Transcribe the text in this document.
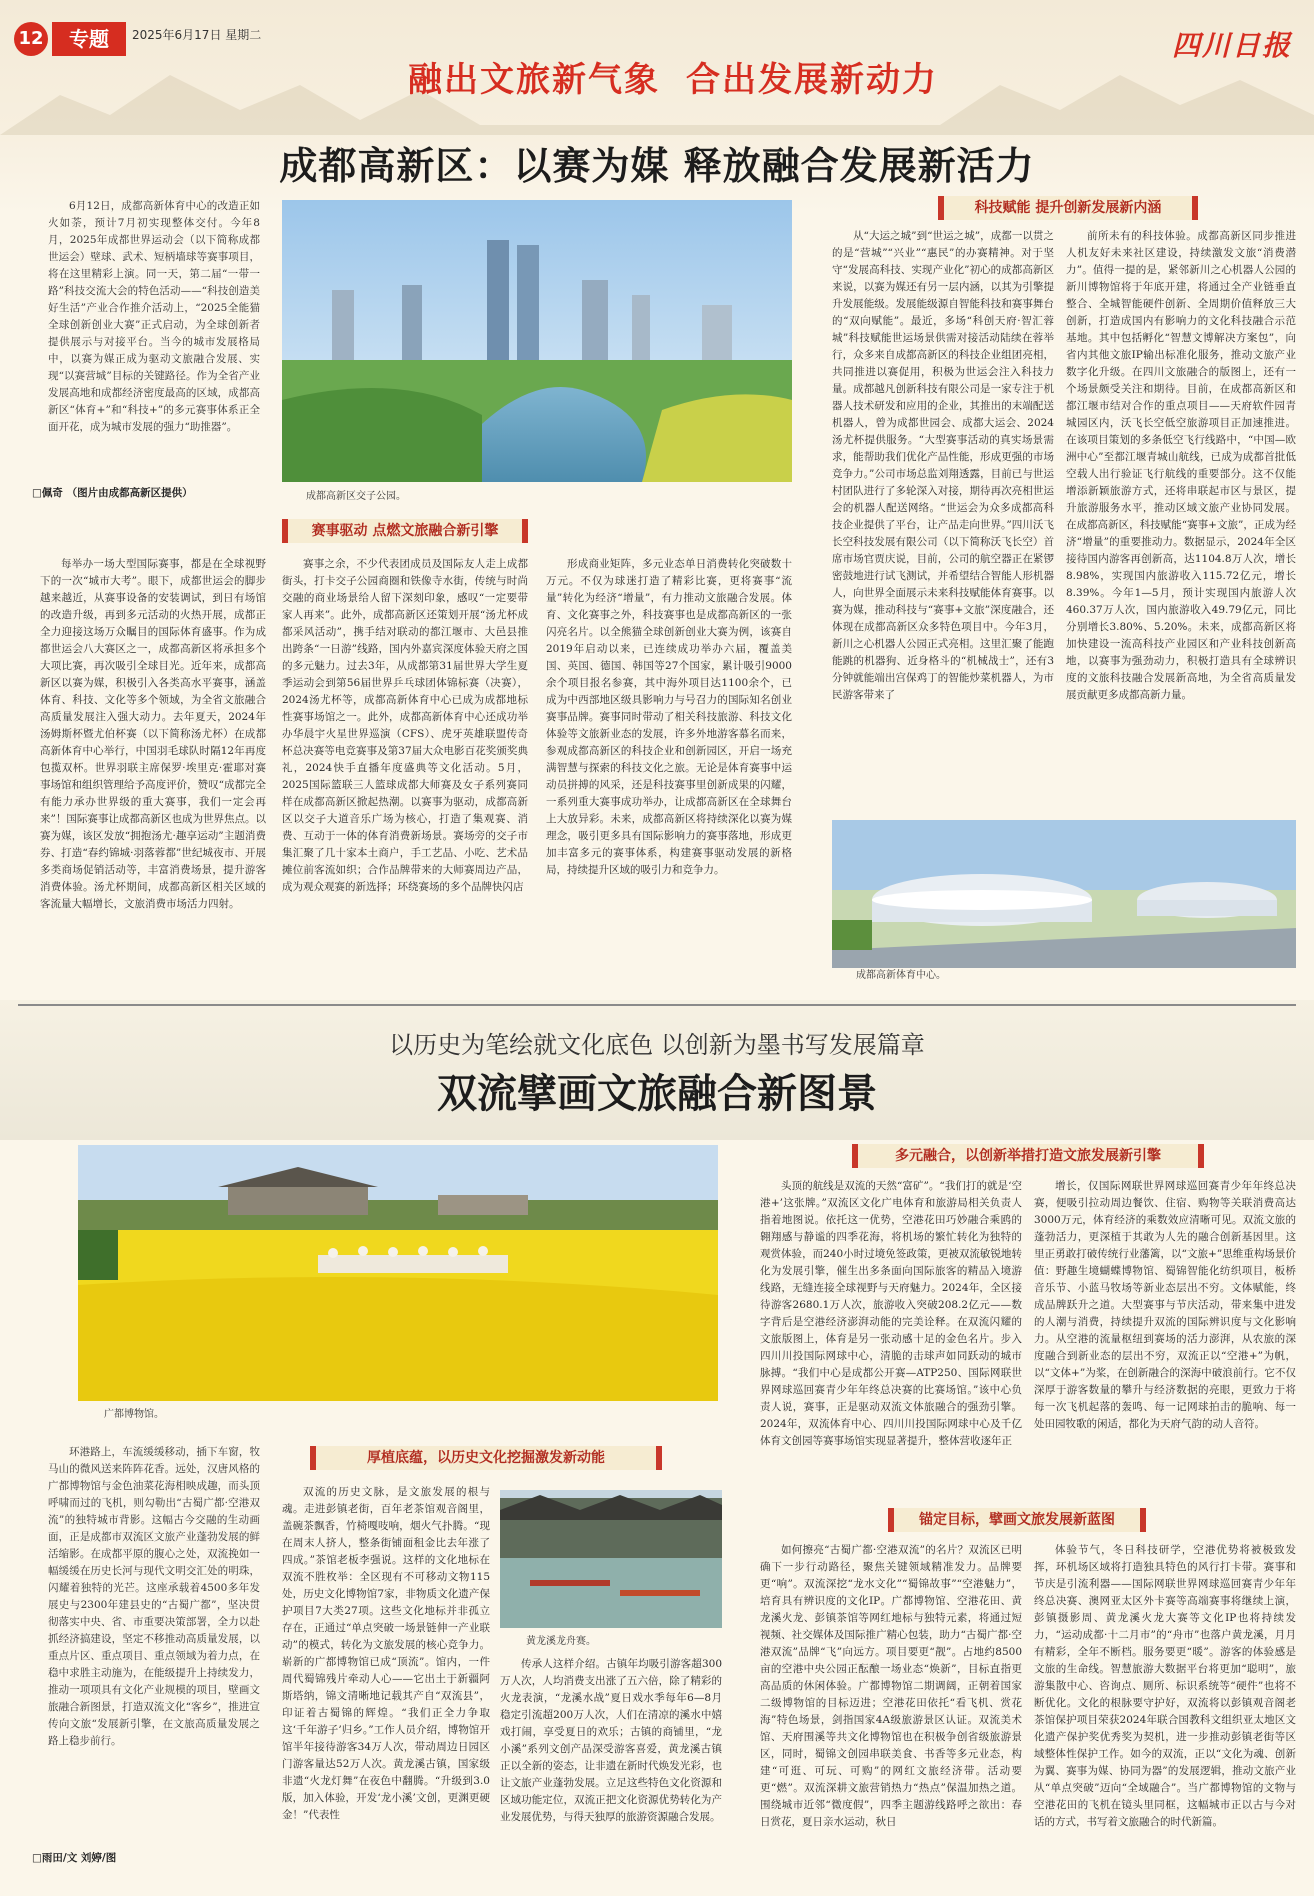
12	专题	2025年6月17日 星期二	四川日报
融出文旅新气象 合出发展新动力
成都高新区：以赛为媒 释放融合发展新活力
6月12日，成都高新体育中心的改造正如火如荼，预计7月初实现整体交付。今年8月，2025年成都世界运动会（以下简称成都世运会）壁球、武术、短柄墙球等赛事项目，将在这里精彩上演。同一天，第二届“一带一路”科技交流大会的特色活动——“科技创造美好生活”产业合作推介活动上，“2025全能猫全球创新创业大赛”正式启动，为全球创新者提供展示与对接平台。当今的城市发展格局中，以赛为媒正成为驱动文旅融合发展、实现“以赛营城”目标的关键路径。作为全省产业发展高地和成都经济密度最高的区域，成都高新区“体育+”和“科技+”的多元赛事体系正全面开花，成为城市发展的强力“助推器”。
□佩奇 （图片由成都高新区提供）	成都高新区交子公园。
赛事驱动 点燃文旅融合新引擎
每举办一场大型国际赛事，都是在全球视野下的一次“城市大考”。眼下，成都世运会的脚步越来越近，从赛事设备的安装调试，到日有场馆的改造升级，再到多元活动的火热开展，成都正全力迎接这场万众瞩目的国际体育盛事。作为成都世运会八大赛区之一，成都高新区将承担多个大项比赛，再次吸引全球目光。近年来，成都高新区以赛为媒，积极引入各类高水平赛事，涵盖体育、科技、文化等多个领域，为全省文旅融合高质量发展注入强大动力。去年夏天，2024年汤姆斯杯暨尤伯杯赛（以下简称汤尤杯）在成都高新体育中心举行，中国羽毛球队时隔12年再度包揽双杯。世界羽联主席保罗·埃里克·霍耶对赛事场馆和组织管理给予高度评价，赞叹“成都完全有能力承办世界级的重大赛事，我们一定会再来”！国际赛事让成都高新区也成为世界焦点。以赛为媒，该区发放“拥抱汤尤·趣享运动”主题消费券、打造“春约锦城·羽落蓉都”世纪城夜市、开展多类商场促销活动等，丰富消费场景，提升游客消费体验。汤尤杯期间，成都高新区相关区域的客流量大幅增长，文旅消费市场活力四射。
赛事之余，不少代表团成员及国际友人走上成都街头，打卡交子公园商圈和铁像寺水街，传统与时尚交融的商业场景给人留下深刻印象，感叹“一定要带家人再来”。此外，成都高新区还策划开展“汤尤杯成都采风活动”，携手结对联动的都江堰市、大邑县推出跨条“一日游”线路，国内外嘉宾深度体验天府之国的多元魅力。过去3年，从成都第31届世界大学生夏季运动会到第56届世界乒乓球团体锦标赛（决赛），2024汤尤杯等，成都高新体育中心已成为成都地标性赛事场馆之一。此外，成都高新体育中心还成功举办华晨宇火星世界巡演（CFS）、虎牙英雄联盟传奇杯总决赛等电竞赛事及第37届大众电影百花奖颁奖典礼，2024快手直播年度盛典等文化活动。5月，2025国际篮联三人篮球成都大师赛及女子系列赛同样在成都高新区掀起热潮。以赛事为驱动，成都高新区以交子大道音乐广场为核心，打造了集观赛、消费、互动于一体的体育消费新场景。赛场旁的交子市集汇聚了几十家本土商户，手工艺品、小吃、艺术品摊位前客流如织；合作品牌带来的大师赛周边产品，成为观众观赛的新选择；环绕赛场的多个品牌快闪店
形成商业矩阵，多元业态单日消费转化突破数十万元。不仅为球迷打造了精彩比赛，更将赛事“流量”转化为经济“增量”，有力推动文旅融合发展。体育、文化赛事之外，科技赛事也是成都高新区的一张闪亮名片。以全熊猫全球创新创业大赛为例，该赛自2019年启动以来，已连续成功举办六届，覆盖美国、英国、德国、韩国等27个国家，累计吸引9000余个项目报名参赛，其中海外项目达1100余个，已成为中西部地区级具影响力与号召力的国际知名创业赛事品牌。赛事同时带动了相关科技旅游、科技文化体验等文旅新业态的发展，许多外地游客慕名而来，参观成都高新区的科技企业和创新园区，开启一场充满智慧与探索的科技文化之旅。无论是体育赛事中运动员拼搏的风采，还是科技赛事里创新成果的闪耀，一系列重大赛事成功举办，让成都高新区在全球舞台上大放异彩。未来，成都高新区将持续深化以赛为媒理念，吸引更多具有国际影响力的赛事落地，形成更加丰富多元的赛事体系，构建赛事驱动发展的新格局，持续提升区域的吸引力和竞争力。
科技赋能 提升创新发展新内涵
从“大运之城”到“世运之城”，成都一以贯之的是“营城”“兴业”“惠民”的办赛精神。对于坚守“发展高科技、实现产业化”初心的成都高新区来说，以赛为媒还有另一层内涵，以其为引擎提升发展能级。发展能级源自智能科技和赛事舞台的“双向赋能”。最近，多场“科创天府·智汇蓉城”科技赋能世运场景供需对接活动陆续在蓉举行，众多来自成都高新区的科技企业组团亮相，共同推进以赛促用，积极为世运会注入科技力量。成都越凡创新科技有限公司是一家专注于机器人技术研发和应用的企业，其推出的末端配送机器人，曾为成都世园会、成都大运会、2024汤尤杯提供服务。“大型赛事活动的真实场景需求，能帮助我们优化产品性能，形成更强的市场竞争力。”公司市场总监刘翔透露，目前已与世运村团队进行了多轮深入对接，期待再次亮相世运会的机器人配送网络。“世运会为众多成都高科技企业提供了平台，让产品走向世界。”四川沃飞长空科技发展有限公司（以下简称沃飞长空）首席市场官贾庆说，目前，公司的航空器正在紧锣密鼓地进行试飞测试，并希望结合智能人形机器人，向世界全面展示未来科技赋能体育赛事。以赛为媒，推动科技与“赛事+文旅”深度融合，还体现在成都高新区众多特色项目中。今年3月，新川之心机器人公园正式亮相。这里汇聚了能跑能跳的机器狗、近身格斗的“机械战士”，还有3分钟就能端出宫保鸡丁的智能炒菜机器人，为市民游客带来了
前所未有的科技体验。成都高新区同步推进人机友好未来社区建设，持续激发文旅“消费潜力”。值得一提的是，紧邻新川之心机器人公园的新川博物馆将于年底开建，将通过全产业链垂直整合、全城智能硬件创新、全周期价值释放三大创新，打造成国内有影响力的文化科技融合示范基地。其中包括孵化“智慧文博解决方案包”，向省内其他文旅IP输出标准化服务，推动文旅产业数字化升级。在四川文旅融合的版图上，还有一个场景颇受关注和期待。目前，在成都高新区和都江堰市结对合作的重点项目——天府软件园青城园区内，沃飞长空低空旅游项目正加速推进。在该项目策划的多条低空飞行线路中，“中国—欧洲中心”至都江堰青城山航线，已成为成都首批低空载人出行验证飞行航线的重要部分。这不仅能增添新颖旅游方式，还将串联起市区与景区，提升旅游服务水平，推动区域文旅产业协同发展。在成都高新区，科技赋能“赛事+文旅”，正成为经济“增量”的重要推动力。数据显示，2024年全区接待国内游客再创新高，达1104.8万人次，增长8.98%，实现国内旅游收入115.72亿元，增长8.39%。今年1—5月，预计实现国内旅游人次460.37万人次，国内旅游收入49.79亿元，同比分别增长3.80%、5.20%。未来，成都高新区将加快建设一流高科技产业园区和产业科技创新高地，以赛事为强劲动力，积极打造具有全球辨识度的文旅科技融合发展新高地，为全省高质量发展贡献更多成都高新力量。
成都高新体育中心。
以历史为笔绘就文化底色 以创新为墨书写发展篇章
双流擘画文旅融合新图景
广都博物馆。
环港路上，车流缓缓移动，插下车窗，牧马山的微风送来阵阵花香。远处，汉唐风格的广都博物馆与金色油菜花海相映成趣，而头顶呼啸而过的飞机，则勾勒出“古蜀广都·空港双流”的独特城市背影。这幅古今交融的生动画面，正是成都市双流区文旅产业蓬勃发展的鲜活缩影。在成都平原的腹心之处，双流挽如一幅缓缓在历史长河与现代文明交汇处的明珠，闪耀着独特的光芒。这座承载着4500多年发展史与2300年建县史的“古蜀广都”，坚决贯彻落实中央、省、市重要决策部署，全力以赴抓经济搞建设，坚定不移推动高质量发展，以重点片区、重点项目、重点领域为着力点，在稳中求胜主动施为，在能级提升上持续发力，推动一项项具有文化产业规模的项目，壁画文旅融合新图景，打造双流文化“客乡”，推进宣传向文旅“发展新引擎，在文旅高质量发展之路上稳步前行。
□雨田/文 刘婷/图
厚植底蕴，以历史文化挖掘激发新动能
双流的历史文脉，是文旅发展的根与魂。走进彭镇老街，百年老茶馆观音阁里，盖碗茶飘香，竹椅嘎吱响，烟火气扑腾。“现在周末人挤人，整条街铺面租金比去年涨了四成。”茶馆老板李强说。这样的文化地标在双流不胜枚举：全区现有不可移动文物115处，历史文化博物馆7家，非物质文化遗产保护项目7大类27项。这些文化地标并非孤立存在，正通过“单点突破一场景链伸一产业联动”的模式，转化为文旅发展的核心竞争力。崭新的广都博物馆已成“顶流”。馆内，一件周代蜀锦残片牵动人心——它出土于新疆阿斯塔纳，锦文清晰地记载其产自“双流县”，印证着古蜀锦的辉煌。“我们正全力争取这‘千年游子’归乡。”工作人员介绍，博物馆开馆半年接待游客34万人次，带动周边日园区门游客量达52万人次。黄龙溪古镇，国家级非遗“火龙灯舞”在夜色中翻腾。“升级到3.0版，加入体验，开发‘龙小溪’文创，更渊更硬金！”代表性
黄龙溪龙舟赛。
传承人这样介绍。古镇年均吸引游客超300万人次，人均消费支出涨了五六倍，除了精彩的火龙表演，“龙溪水战”夏日戏水季每年6—8月稳定引流超200万人次，人们在清凉的溪水中嬉戏打闹，享受夏日的欢乐；古镇的商铺里，“龙小溪”系列文创产品深受游客喜爱，黄龙溪古镇正以全新的姿态，让非遗在新时代焕发光彩，也让文旅产业蓬勃发展。立足这些特色文化资源和区域功能定位，双流正把文化资源优势转化为产业发展优势，与得天独厚的旅游资源融合发展。
多元融合，以创新举措打造文旅发展新引擎
头顶的航线是双流的天然“富矿”。“我们打的就是‘空港+’这张牌。”双流区文化广电体育和旅游局相关负责人指着地图说。依托这一优势，空港花田巧妙融合乘鸥的翱翔感与静谧的四季花海，将机场的繁忙转化为独特的观赏体验，而240小时过境免签政策，更被双流敏锐地转化为发展引擎，催生出多条面向国际旅客的精品入境游线路，无缝连接全球视野与天府魅力。2024年，全区接待游客2680.1万人次，旅游收入突破208.2亿元——数字背后是空港经济澎湃动能的完美诠释。在双流闪耀的文旅版图上，体育是另一张动感十足的金色名片。步入四川川投国际网球中心，清脆的击球声如同跃动的城市脉搏。“我们中心是成都公开赛—ATP250、国际网联世界网球巡回赛青少年年终总决赛的比赛场馆。”该中心负责人说，赛事，正是驱动双流文体旅融合的强劲引擎。2024年，双流体育中心、四川川投国际网球中心及千亿体育文创园等赛事场馆实现显著提升，整体营收逐年正
增长，仅国际网联世界网球巡回赛青少年年终总决赛，便吸引拉动周边餐饮、住宿、购物等关联消费高达3000万元，体育经济的乘数效应清晰可见。双流文旅的蓬勃活力，更深植于其敢为人先的融合创新基因里。这里正勇敢打破传统行业藩篱，以“文旅+”思维重构场景价值：野趣生境蝴蝶博物馆、蜀锦智能化纺织项目，板桥音乐节、小蓝马牧场等新业态层出不穷。文体赋能，终成品牌跃升之道。大型赛事与节庆活动，带来集中进发的人潮与消费，持续提升双流的国际辨识度与文化影响力。从空港的流量枢纽到赛场的活力澎湃，从农旅的深度融合到新业态的层出不穷，双流正以“空港+”为帆，以“文体+”为桨，在创新融合的深海中破浪前行。它不仅深厚于游客数量的攀升与经济数据的亮眼，更致力于将每一次飞机起落的轰鸣、每一记网球拍击的脆响、每一处田园牧歌的闲适，都化为天府气韵的动人音符。
锚定目标，擘画文旅发展新蓝图
如何擦亮“古蜀广都·空港双流”的名片？双流区已明确下一步行动路径，聚焦关键领域精准发力。品牌要更“响”。双流深挖“龙水文化”“蜀锦故事”“空港魅力”，培育具有辨识度的文化IP。广都博物馆、空港花田、黄龙溪火龙、彭镇茶馆等网红地标与独特元素，将通过短视频、社交媒体及国际推广精心包装，助力“古蜀广都·空港双流”品牌“飞”向远方。项目要更“靓”。占地约8500亩的空港中央公园正酝酿一场业态“焕新”，目标直指更高品质的休闲体验。广都博物馆二期调阔，正朝着国家二级博物馆的目标迈进；空港花田依托“看飞机、赏花海”特色场景，剑指国家4A级旅游景区认证。双流美术馆、天府围溪等共文化博物馆也在积极争创省级旅游景区，同时，蜀锦文创园串联美食、书香等多元业态，构建“可逛、可玩、可购”的网红文旅经济带。活动要更“燃”。双流深耕文旅营销热力“热点”保温加热之道。围绕城市近邻“微度假”，四季主题游线路呼之欲出：春日赏花，夏日亲水运动，秋日
体验节气，冬日科技研学，空港优势将被极致发挥，环机场区域将打造独具特色的风行打卡带。赛事和节庆是引流利器——国际网联世界网球巡回赛青少年年终总决赛、澳网亚太区外卡赛等高端赛事将继续上演，彭镇摄影周、黄龙溪火龙大赛等文化IP也将持续发力，“运动成都·十二月市”的“舟市”也落户黄龙溪，月月有精彩，全年不断档。服务要更“暖”。游客的体验感是文旅的生命线。智慧旅游大数据平台将更加“聪明”，旅游集散中心、咨询点、厕所、标识系统等“硬件”也将不断优化。文化的根脉要守护好，双流将以彭镇观音阁老茶馆保护项目荣获2024年联合国教科文组织亚太地区文化遗产保护奖优秀奖为契机，进一步推动彭镇老街等区域整体性保护工作。如今的双流，正以“文化为魂、创新为翼、赛事为媒、协同为器”的发展逻辑，推动文旅产业从“单点突破”迈向“全域融合”。当广都博物馆的文物与空港花田的飞机在镜头里同框，这幅城市正以古与今对话的方式，书写着文旅融合的时代新篇。
